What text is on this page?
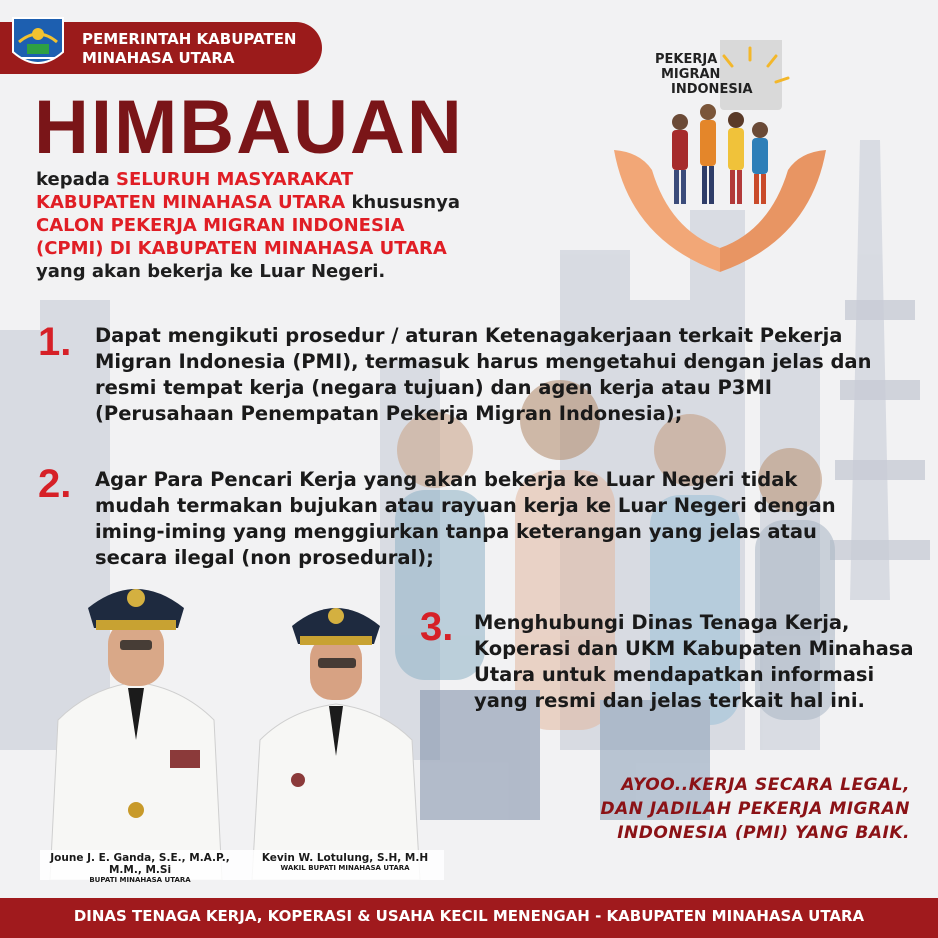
PEMERINTAH KABUPATEN
MINAHASA UTARA	PEKERJA
MIGRAN
INDONESIA
HIMBAUAN
kepada SELURUH MASYARAKAT KABUPATEN MINAHASA UTARA khususnya CALON PEKERJA MIGRAN INDONESIA (CPMI) DI KABUPATEN MINAHASA UTARA yang akan bekerja ke Luar Negeri.
1. Dapat mengikuti prosedur / aturan Ketenagakerjaan terkait Pekerja Migran Indonesia (PMI), termasuk harus mengetahui dengan jelas dan resmi tempat kerja (negara tujuan) dan agen kerja atau P3MI (Perusahaan Penempatan Pekerja Migran Indonesia);
2. Agar Para Pencari Kerja yang akan bekerja ke Luar Negeri tidak mudah termakan bujukan atau rayuan kerja ke Luar Negeri dengan iming-iming yang menggiurkan tanpa keterangan yang jelas atau secara ilegal (non prosedural);
3. Menghubungi Dinas Tenaga Kerja, Koperasi dan UKM Kabupaten Minahasa Utara untuk mendapatkan informasi yang resmi dan jelas terkait hal ini.
Joune J. E. Ganda, S.E., M.A.P., M.M., M.Si
BUPATI MINAHASA UTARA
Kevin W. Lotulung, S.H, M.H
WAKIL BUPATI MINAHASA UTARA
AYOO..KERJA SECARA LEGAL,
DAN JADILAH PEKERJA MIGRAN
INDONESIA (PMI) YANG BAIK.
DINAS TENAGA KERJA, KOPERASI & USAHA KECIL MENENGAH - KABUPATEN MINAHASA UTARA
